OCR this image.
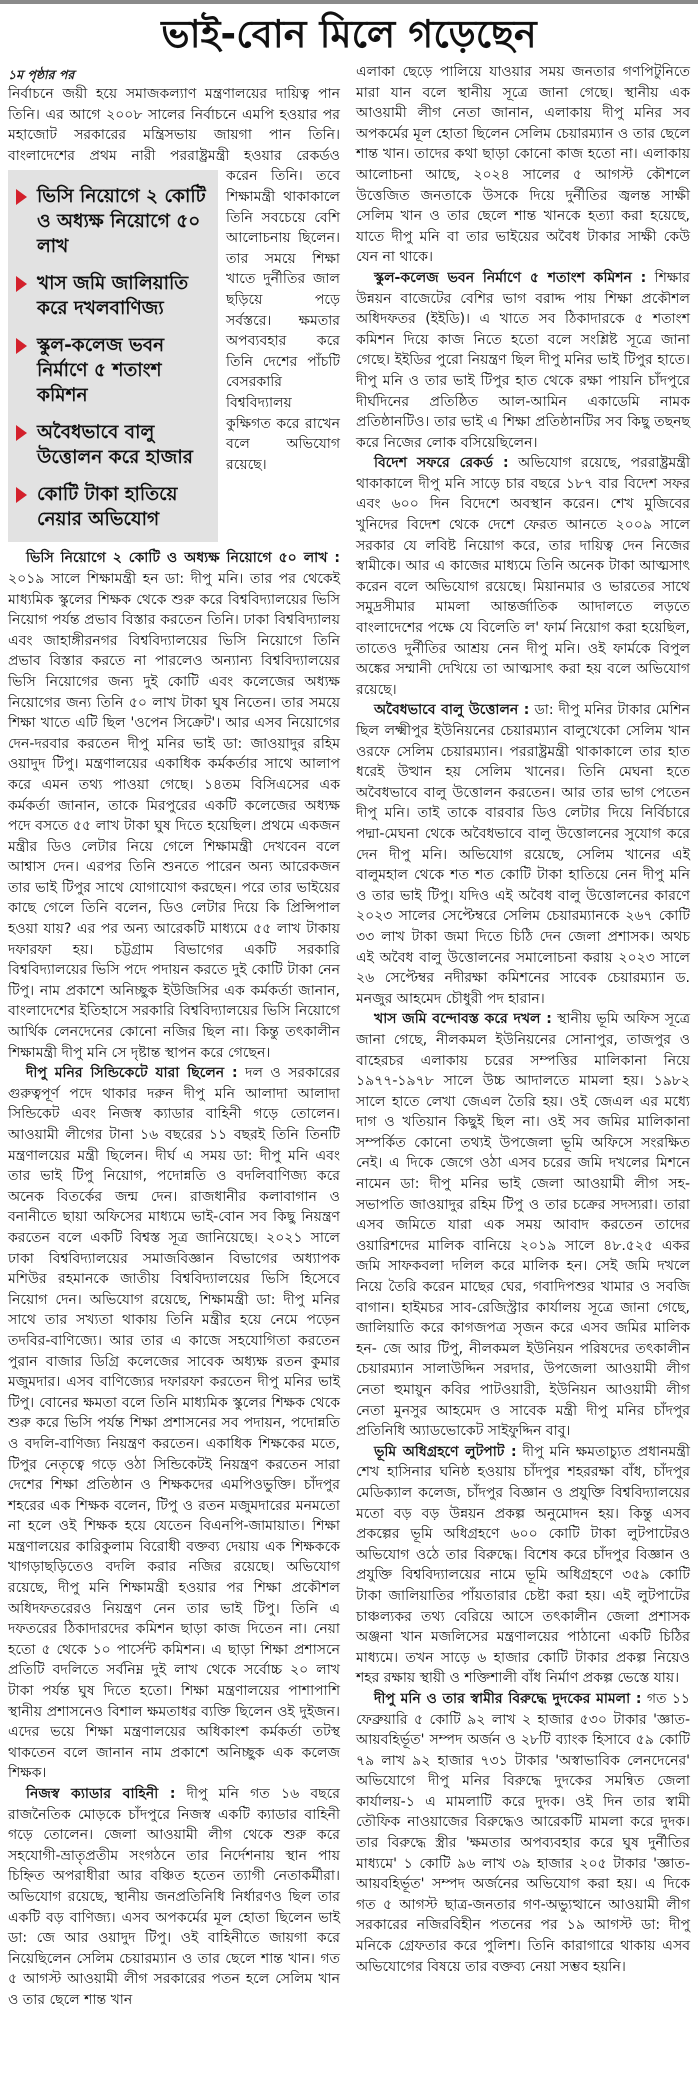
ভাই-বোন মিলে গড়েছেন

১ম পৃষ্ঠার পর

নির্বাচনে জয়ী হয়ে সমাজকল্যাণ মন্ত্রণালয়ের দায়িত্ব পান তিনি। এর আগে ২০০৮ সালের নির্বাচনে এমপি হওয়ার পর মহাজোট সরকারের মন্ত্রিসভায় জায়গা পান তিনি। বাংলাদেশের প্রথম নারী পররাষ্ট্রমন্ত্রী হওয়ার রেকর্ডও

ভিসি নিয়োগে ২ কোটি ও অধ্যক্ষ নিয়োগে ৫০ লাখ
খাস জমি জালিয়াতি করে দখলবাণিজ্য
স্কুল-কলেজ ভবন নির্মাণে ৫ শতাংশ কমিশন
অবৈধভাবে বালু উত্তোলন করে হাজার
কোটি টাকা হাতিয়ে নেয়ার অভিযোগ

করেন তিনি। তবে শিক্ষামন্ত্রী থাকাকালে তিনি সবচেয়ে বেশি আলোচনায় ছিলেন। তার সময়ে শিক্ষা খাতে দুর্নীতির জাল ছড়িয়ে পড়ে সর্বস্তরে। ক্ষমতার অপব্যবহার করে তিনি দেশের পাঁচটি বেসরকারি বিশ্ববিদ্যালয় কুক্ষিগত করে রাখেন বলে অভিযোগ রয়েছে।

ভিসি নিয়োগে ২ কোটি ও অধ্যক্ষ নিয়োগে ৫০ লাখ : ২০১৯ সালে শিক্ষামন্ত্রী হন ডা: দীপু মনি। তার পর থেকেই মাধ্যমিক স্কুলের শিক্ষক থেকে শুরু করে বিশ্ববিদ্যালয়ের ভিসি নিয়োগ পর্যন্ত প্রভাব বিস্তার করতেন তিনি। ঢাকা বিশ্ববিদ্যালয় এবং জাহাঙ্গীরনগর বিশ্ববিদ্যালয়ের ভিসি নিয়োগে তিনি প্রভাব বিস্তার করতে না পারলেও অন্যান্য বিশ্ববিদ্যালয়ের ভিসি নিয়োগের জন্য দুই কোটি এবং কলেজের অধ্যক্ষ নিয়োগের জন্য তিনি ৫০ লাখ টাকা ঘুষ নিতেন। তার সময়ে শিক্ষা খাতে এটি ছিল 'ওপেন সিক্রেট'। আর এসব নিয়োগের দেন-দরবার করতেন দীপু মনির ভাই ডা: জাওয়াদুর রহিম ওয়াদুদ টিপু। মন্ত্রণালয়ের একাধিক কর্মকর্তার সাথে আলাপ করে এমন তথ্য পাওয়া গেছে। ১৪তম বিসিএসের এক কর্মকর্তা জানান, তাকে মিরপুরের একটি কলেজের অধ্যক্ষ পদে বসতে ৫৫ লাখ টাকা ঘুষ দিতে হয়েছিল। প্রথমে একজন মন্ত্রীর ডিও লেটার নিয়ে গেলে শিক্ষামন্ত্রী দেখবেন বলে আশ্বাস দেন। এরপর তিনি শুনতে পারেন অন্য আরেকজন তার ভাই টিপুর সাথে যোগাযোগ করছেন। পরে তার ভাইয়ের কাছে গেলে তিনি বলেন, ডিও লেটার দিয়ে কি প্রিন্সিপাল হওয়া যায়? এর পর অন্য আরেকটি মাধ্যমে ৫৫ লাখ টাকায় দফারফা হয়। চট্টগ্রাম বিভাগের একটি সরকারি বিশ্ববিদ্যালয়ের ভিসি পদে পদায়ন করতে দুই কোটি টাকা নেন টিপু। নাম প্রকাশে অনিচ্ছুক ইউজিসির এক কর্মকর্তা জানান, বাংলাদেশের ইতিহাসে সরকারি বিশ্ববিদ্যালয়ের ভিসি নিয়োগে আর্থিক লেনদেনের কোনো নজির ছিল না। কিন্তু তৎকালীন শিক্ষামন্ত্রী দীপু মনি সে দৃষ্টান্ত স্থাপন করে গেছেন।

দীপু মনির সিন্ডিকেটে যারা ছিলেন : দল ও সরকারের গুরুত্বপূর্ণ পদে থাকার দরুন দীপু মনি আলাদা আলাদা সিন্ডিকেট এবং নিজস্ব ক্যাডার বাহিনী গড়ে তোলেন। আওয়ামী লীগের টানা ১৬ বছরের ১১ বছরই তিনি তিনটি মন্ত্রণালয়ের মন্ত্রী ছিলেন। দীর্ঘ এ সময় ডা: দীপু মনি এবং তার ভাই টিপু নিয়োগ, পদোন্নতি ও বদলিবাণিজ্য করে অনেক বিতর্কের জন্ম দেন। রাজধানীর কলাবাগান ও বনানীতে ছায়া অফিসের মাধ্যমে ভাই-বোন সব কিছু নিয়ন্ত্রণ করতেন বলে একটি বিশ্বস্ত সূত্র জানিয়েছে। ২০২১ সালে ঢাকা বিশ্ববিদ্যালয়ের সমাজবিজ্ঞান বিভাগের অধ্যাপক মশিউর রহমানকে জাতীয় বিশ্ববিদ্যালয়ের ভিসি হিসেবে নিয়োগ দেন। অভিযোগ রয়েছে, শিক্ষামন্ত্রী ডা: দীপু মনির সাথে তার সখ্যতা থাকায় তিনি মন্ত্রীর হয়ে নেমে পড়েন তদবির-বাণিজ্যে। আর তার এ কাজে সহযোগিতা করতেন পুরান বাজার ডিগ্রি কলেজের সাবেক অধ্যক্ষ রতন কুমার মজুমদার। এসব বাণিজ্যের দফারফা করতেন দীপু মনির ভাই টিপু। বোনের ক্ষমতা বলে তিনি মাধ্যমিক স্কুলের শিক্ষক থেকে শুরু করে ভিসি পর্যন্ত শিক্ষা প্রশাসনের সব পদায়ন, পদোন্নতি ও বদলি-বাণিজ্য নিয়ন্ত্রণ করতেন। একাধিক শিক্ষকের মতে, টিপুর নেতৃত্বে গড়ে ওঠা সিন্ডিকেটই নিয়ন্ত্রণ করতেন সারা দেশের শিক্ষা প্রতিষ্ঠান ও শিক্ষকদের এমপিওভুক্তি। চাঁদপুর শহরের এক শিক্ষক বলেন, টিপু ও রতন মজুমদারের মনমতো না হলে ওই শিক্ষক হয়ে যেতেন বিএনপি-জামায়াত। শিক্ষা মন্ত্রণালয়ের কারিকুলাম বিরোধী বক্তব্য দেয়ায় এক শিক্ষককে খাগড়াছড়িতেও বদলি করার নজির রয়েছে। অভিযোগ রয়েছে, দীপু মনি শিক্ষামন্ত্রী হওয়ার পর শিক্ষা প্রকৌশল অধিদফতরেরও নিয়ন্ত্রণ নেন তার ভাই টিপু। তিনি এ দফতরের ঠিকাদারদের কমিশন ছাড়া কাজ দিতেন না। নেয়া হতো ৫ থেকে ১০ পার্সেন্ট কমিশন। এ ছাড়া শিক্ষা প্রশাসনে প্রতিটি বদলিতে সর্বনিম্ন দুই লাখ থেকে সর্বোচ্চ ২০ লাখ টাকা পর্যন্ত ঘুষ দিতে হতো। শিক্ষা মন্ত্রণালয়ের পাশাপাশি স্থানীয় প্রশাসনেও বিশাল ক্ষমতাধর ব্যক্তি ছিলেন ওই দুইজন। এদের ভয়ে শিক্ষা মন্ত্রণালয়ের অধিকাংশ কর্মকর্তা তটস্থ থাকতেন বলে জানান নাম প্রকাশে অনিচ্ছুক এক কলেজ শিক্ষক।

নিজস্ব ক্যাডার বাহিনী : দীপু মনি গত ১৬ বছরে রাজনৈতিক মোড়কে চাঁদপুরে নিজস্ব একটি ক্যাডার বাহিনী গড়ে তোলেন। জেলা আওয়ামী লীগ থেকে শুরু করে সহযোগী-ভ্রাতৃপ্রতীম সংগঠনে তার নির্দেশনায় স্থান পায় চিহ্নিত অপরাধীরা আর বঞ্চিত হতেন ত্যাগী নেতাকর্মীরা। অভিযোগ রয়েছে, স্থানীয় জনপ্রতিনিধি নির্ধারণও ছিল তার একটি বড় বাণিজ্য। এসব অপকর্মের মূল হোতা ছিলেন ভাই ডা: জে আর ওয়াদুদ টিপু। ওই বাহিনীতে জায়গা করে নিয়েছিলেন সেলিম চেয়ারম্যান ও তার ছেলে শান্ত খান। গত ৫ আগস্ট আওয়ামী লীগ সরকারের পতন হলে সেলিম খান ও তার ছেলে শান্ত খান

এলাকা ছেড়ে পালিয়ে যাওয়ার সময় জনতার গণপিটুনিতে মারা যান বলে স্থানীয় সূত্রে জানা গেছে। স্থানীয় এক আওয়ামী লীগ নেতা জানান, এলাকায় দীপু মনির সব অপকর্মের মূল হোতা ছিলেন সেলিম চেয়ারম্যান ও তার ছেলে শান্ত খান। তাদের কথা ছাড়া কোনো কাজ হতো না। এলাকায় আলোচনা আছে, ২০২৪ সালের ৫ আগস্ট কৌশলে উত্তেজিত জনতাকে উসকে দিয়ে দুর্নীতির জ্বলন্ত সাক্ষী সেলিম খান ও তার ছেলে শান্ত খানকে হত্যা করা হয়েছে, যাতে দীপু মনি বা তার ভাইয়ের অবৈধ টাকার সাক্ষী কেউ যেন না থাকে।

স্কুল-কলেজ ভবন নির্মাণে ৫ শতাংশ কমিশন : শিক্ষার উন্নয়ন বাজেটের বেশির ভাগ বরাদ্দ পায় শিক্ষা প্রকৌশল অধিদফতর (ইইডি)। এ খাতে সব ঠিকাদারকে ৫ শতাংশ কমিশন দিয়ে কাজ নিতে হতো বলে সংশ্লিষ্ট সূত্রে জানা গেছে। ইইডির পুরো নিয়ন্ত্রণ ছিল দীপু মনির ভাই টিপুর হাতে। দীপু মনি ও তার ভাই টিপুর হাত থেকে রক্ষা পায়নি চাঁদপুরে দীর্ঘদিনের প্রতিষ্ঠিত আল-আমিন একাডেমি নামক প্রতিষ্ঠানটিও। তার ভাই এ শিক্ষা প্রতিষ্ঠানটির সব কিছু তছনছ করে নিজের লোক বসিয়েছিলেন।

বিদেশ সফরে রেকর্ড : অভিযোগ রয়েছে, পররাষ্ট্রমন্ত্রী থাকাকালে দীপু মনি সাড়ে চার বছরে ১৮৭ বার বিদেশ সফর এবং ৬০০ দিন বিদেশে অবস্থান করেন। শেখ মুজিবের খুনিদের বিদেশ থেকে দেশে ফেরত আনতে ২০০৯ সালে সরকার যে লবিষ্ট নিয়োগ করে, তার দায়িত্ব দেন নিজের স্বামীকে। আর এ কাজের মাধ্যমে তিনি অনেক টাকা আত্মসাৎ করেন বলে অভিযোগ রয়েছে। মিয়ানমার ও ভারতের সাথে সমুদ্রসীমার মামলা আন্তর্জাতিক আদালতে লড়তে বাংলাদেশের পক্ষে যে বিলেতি ল' ফার্ম নিয়োগ করা হয়েছিল, তাতেও দুর্নীতির আশ্রয় নেন দীপু মনি। ওই ফার্মকে বিপুল অঙ্কের সম্মানী দেখিয়ে তা আত্মসাৎ করা হয় বলে অভিযোগ রয়েছে।

অবৈধভাবে বালু উত্তোলন : ডা: দীপু মনির টাকার মেশিন ছিল লক্ষ্মীপুর ইউনিয়নের চেয়ারম্যান বালুখেকো সেলিম খান ওরফে সেলিম চেয়ারম্যান। পররাষ্ট্রমন্ত্রী থাকাকালে তার হাত ধরেই উত্থান হয় সেলিম খানের। তিনি মেঘনা হতে অবৈধভাবে বালু উত্তোলন করতেন। আর তার ভাগ পেতেন দীপু মনি। তাই তাকে বারবার ডিও লেটার দিয়ে নির্বিচারে পদ্মা-মেঘনা থেকে অবৈধভাবে বালু উত্তোলনের সুযোগ করে দেন দীপু মনি। অভিযোগ রয়েছে, সেলিম খানের এই বালুমহাল থেকে শত শত কোটি টাকা হাতিয়ে নেন দীপু মনি ও তার ভাই টিপু। যদিও এই অবৈধ বালু উত্তোলনের কারণে ২০২৩ সালের সেপ্টেম্বরে সেলিম চেয়ারম্যানকে ২৬৭ কোটি ৩৩ লাখ টাকা জমা দিতে চিঠি দেন জেলা প্রশাসক। অথচ এই অবৈধ বালু উত্তোলনের সমালোচনা করায় ২০২৩ সালে ২৬ সেপ্টেম্বর নদীরক্ষা কমিশনের সাবেক চেয়ারম্যান ড. মনজুর আহমেদ চৌধুরী পদ হারান।

খাস জমি বন্দোবস্ত করে দখল : স্থানীয় ভূমি অফিস সূত্রে জানা গেছে, নীলকমল ইউনিয়নের সোনাপুর, তাজপুর ও বাহেরচর এলাকায় চরের সম্পত্তির মালিকানা নিয়ে ১৯৭৭-১৯৭৮ সালে উচ্চ আদালতে মামলা হয়। ১৯৮২ সালে হাতে লেখা জেএল তৈরি হয়। ওই জেএল এর মধ্যে দাগ ও খতিয়ান কিছুই ছিল না। ওই সব জমির মালিকানা সম্পর্কিত কোনো তথ্যই উপজেলা ভূমি অফিসে সংরক্ষিত নেই। এ দিকে জেগে ওঠা এসব চরের জমি দখলের মিশনে নামেন ডা: দীপু মনির ভাই জেলা আওয়ামী লীগ সহ-সভাপতি জাওয়াদুর রহিম টিপু ও তার চক্রের সদস্যরা। তারা এসব জমিতে যারা এক সময় আবাদ করতেন তাদের ওয়ারিশদের মালিক বানিয়ে ২০১৯ সালে ৪৮.৫২৫ একর জমি সাফকবলা দলিল করে মালিক হন। সেই জমি দখলে নিয়ে তৈরি করেন মাছের ঘের, গবাদিপশুর খামার ও সবজি বাগান। হাইমচর সাব-রেজিস্ট্রার কার্যালয় সূত্রে জানা গেছে, জালিয়াতি করে কাগজপত্র সৃজন করে এসব জমির মালিক হন- জে আর টিপু, নীলকমল ইউনিয়ন পরিষদের তৎকালীন চেয়ারম্যান সালাউদ্দিন সরদার, উপজেলা আওয়ামী লীগ নেতা হুমায়ুন কবির পাটওয়ারী, ইউনিয়ন আওয়ামী লীগ নেতা মুনসুর আহমেদ ও সাবেক মন্ত্রী দীপু মনির চাঁদপুর প্রতিনিধি অ্যাডভোকেট সাইফুদ্দিন বাবু।

ভূমি অধিগ্রহণে লুটপাট : দীপু মনি ক্ষমতাচ্যুত প্রধানমন্ত্রী শেখ হাসিনার ঘনিষ্ঠ হওয়ায় চাঁদপুর শহররক্ষা বাঁধ, চাঁদপুর মেডিক্যাল কলেজ, চাঁদপুর বিজ্ঞান ও প্রযুক্তি বিশ্ববিদ্যালয়ের মতো বড় বড় উন্নয়ন প্রকল্প অনুমোদন হয়। কিন্তু এসব প্রকল্পের ভূমি অধিগ্রহণে ৬০০ কোটি টাকা লুটপাটেরও অভিযোগ ওঠে তার বিরুদ্ধে। বিশেষ করে চাঁদপুর বিজ্ঞান ও প্রযুক্তি বিশ্ববিদ্যালয়ের নামে ভূমি অধিগ্রহণে ৩৫৯ কোটি টাকা জালিয়াতির পাঁয়তারার চেষ্টা করা হয়। এই লুটপাটের চাঞ্চল্যকর তথ্য বেরিয়ে আসে তৎকালীন জেলা প্রশাসক অঞ্জনা খান মজলিসের মন্ত্রণালয়ের পাঠানো একটি চিঠির মাধ্যমে। তখন সাড়ে ৬ হাজার কোটি টাকার প্রকল্প নিয়েও শহর রক্ষায় স্থায়ী ও শক্তিশালী বাঁধ নির্মাণ প্রকল্প ভেস্তে যায়।

দীপু মনি ও তার স্বামীর বিরুদ্ধে দুদকের মামলা : গত ১১ ফেব্রুয়ারি ৫ কোটি ৯২ লাখ ২ হাজার ৫৩০ টাকার 'জ্ঞাত-আয়বহির্ভূত' সম্পদ অর্জন ও ২৮টি ব্যাংক হিসাবে ৫৯ কোটি ৭৯ লাখ ৯২ হাজার ৭৩১ টাকার 'অস্বাভাবিক লেনদেনের' অভিযোগে দীপু মনির বিরুদ্ধে দুদকের সমন্বিত জেলা কার্যালয়-১ এ মামলাটি করে দুদক। ওই দিন তার স্বামী তৌফিক নাওয়াজের বিরুদ্ধেও আরেকটি মামলা করে দুদক। তার বিরুদ্ধে স্ত্রীর 'ক্ষমতার অপব্যবহার করে ঘুষ দুর্নীতির মাধ্যমে' ১ কোটি ৯৬ লাখ ৩৯ হাজার ২০৫ টাকার 'জ্ঞাত-আয়বহির্ভূত' সম্পদ অর্জনের অভিযোগ করা হয়। এ দিকে গত ৫ আগস্ট ছাত্র-জনতার গণ-অভ্যুত্থানে আওয়ামী লীগ সরকারের নজিরবিহীন পতনের পর ১৯ আগস্ট ডা: দীপু মনিকে গ্রেফতার করে পুলিশ। তিনি কারাগারে থাকায় এসব অভিযোগের বিষয়ে তার বক্তব্য নেয়া সম্ভব হয়নি।
